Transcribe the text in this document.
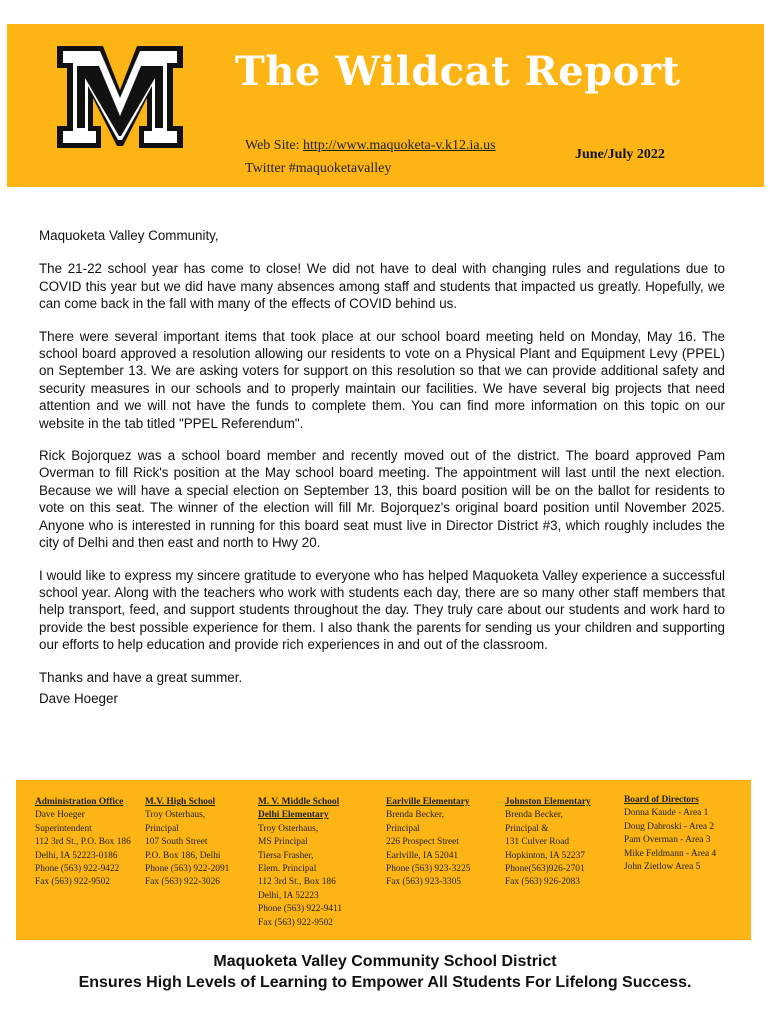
The Wildcat Report
Web Site: http://www.maquoketa-v.k12.ia.us
Twitter #maquoketavalley
June/July 2022

Maquoketa Valley Community,

The 21-22 school year has come to close! We did not have to deal with changing rules and regulations due to COVID this year but we did have many absences among staff and students that impacted us greatly. Hopefully, we can come back in the fall with many of the effects of COVID behind us.

There were several important items that took place at our school board meeting held on Monday, May 16. The school board approved a resolution allowing our residents to vote on a Physical Plant and Equipment Levy (PPEL) on September 13. We are asking voters for support on this resolution so that we can provide additional safety and security measures in our schools and to properly maintain our facilities. We have several big projects that need attention and we will not have the funds to complete them. You can find more information on this topic on our website in the tab titled "PPEL Referendum".

Rick Bojorquez was a school board member and recently moved out of the district. The board approved Pam Overman to fill Rick's position at the May school board meeting. The appointment will last until the next election. Because we will have a special election on September 13, this board position will be on the ballot for residents to vote on this seat. The winner of the election will fill Mr. Bojorquez's original board position until November 2025. Anyone who is interested in running for this board seat must live in Director District #3, which roughly includes the city of Delhi and then east and north to Hwy 20.

I would like to express my sincere gratitude to everyone who has helped Maquoketa Valley experience a successful school year. Along with the teachers who work with students each day, there are so many other staff members that help transport, feed, and support students throughout the day. They truly care about our students and work hard to provide the best possible experience for them. I also thank the parents for sending us your children and supporting our efforts to help education and provide rich experiences in and out of the classroom.

Thanks and have a great summer.
Dave Hoeger
Administration Office
Dave Hoeger
Superintendent
112 3rd St., P.O. Box 186
Delhi, IA 52223-0186
Phone (563) 922-9422
Fax (563) 922-9502
M.V. High School
Troy Osterhaus,
Principal
107 South Street
P.O. Box 186, Delhi
Phone (563) 922-2091
Fax (563) 922-3026
M. V. Middle School
Delhi Elementary
Troy Osterhaus,
MS Principal
Tiersa Frasher,
Elem. Principal
112 3rd St., Box 186
Delhi, IA 52223
Phone (563) 922-9411
Fax (563) 922-9502
Earlville Elementary
Brenda Becker,
Principal
226 Prospect Street
Earlville, IA 52041
Phone (563) 923-3225
Fax (563) 923-3305
Johnston Elementary
Brenda Becker,
Principal &
131 Culver Road
Hopkinton, IA 52237
Phone(563)926-2701
Fax (563) 926-2083
Board of Directors
Donna Kaude - Area 1
Doug Dabroski - Area 2
Pam Overman - Area 3
Mike Feldmann - Area 4
John Zietlow Area 5
Maquoketa Valley Community School District
Ensures High Levels of Learning to Empower All Students For Lifelong Success.
